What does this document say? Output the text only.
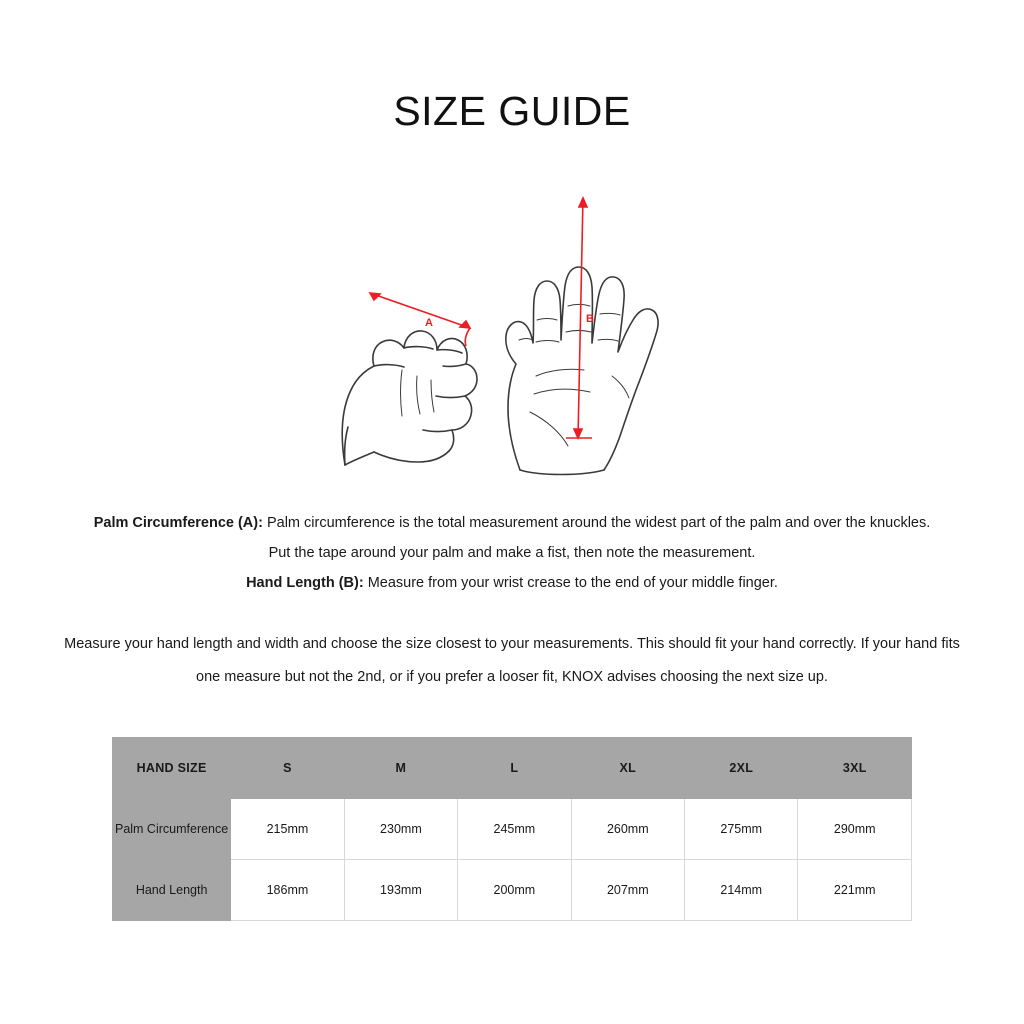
SIZE GUIDE
A	B
Palm Circumference (A): Palm circumference is the total measurement around the widest part of the palm and over the knuckles.
Put the tape around your palm and make a fist, then note the measurement.
Hand Length (B): Measure from your wrist crease to the end of your middle finger.
Measure your hand length and width and choose the size closest to your measurements. This should fit your hand correctly. If your hand fits one measure but not the 2nd, or if you prefer a looser fit, KNOX advises choosing the next size up.
HAND SIZE	S	M	L	XL	2XL	3XL
Palm Circumference	215mm	230mm	245mm	260mm	275mm	290mm
Hand Length	186mm	193mm	200mm	207mm	214mm	221mm
